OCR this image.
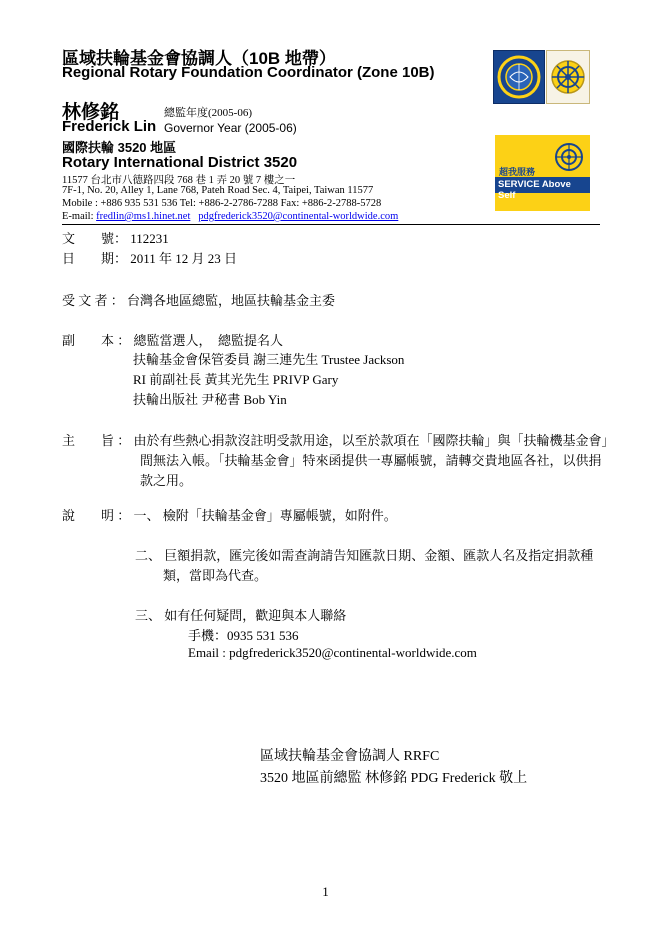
區域扶輪基金會協調人（10B 地帶）
Regional Rotary Foundation Coordinator (Zone 10B)
林修銘	總監年度(2005-06)
Frederick Lin Governor Year (2005-06)
國際扶輪 3520 地區
Rotary International District 3520
11577 台北市八德路四段 768 巷 1 弄 20 號 7 樓之一
7F-1, No. 20, Alley 1, Lane 768, Pateh Road Sec. 4, Taipei, Taiwan 11577
Mobile : +886 935 531 536 Tel: +886-2-2786-7288 Fax: +886-2-2788-5728
E-mail: fredlin@ms1.hinet.net pdgfrederick3520@continental-worldwide.com
超我服務
SERVICE Above Self
文　　號： 112231
日　　期： 2011 年 12 月 23 日
受 文 者 ： 台灣各地區總監，地區扶輪基金主委
副　　本 ： 總監當選人，　總監提名人
扶輪基金會保管委員 謝三連先生 Trustee Jackson
RI 前副社長 黃其光先生 PRIVP Gary
扶輪出版社 尹秘書 Bob Yin
主　　旨 ： 由於有些熱心捐款沒註明受款用途，以至於款項在「國際扶輪」與「扶輪機基金會」
間無法入帳。「扶輪基金會」特來函提供一專屬帳號，請轉交貴地區各社，以供捐
款之用。
說　　明 ： 一、 檢附「扶輪基金會」專屬帳號，如附件。
二、 巨額捐款，匯完後如需查詢請告知匯款日期、金額、匯款人名及指定捐款種
類，當即為代查。
三、 如有任何疑問，歡迎與本人聯絡
手機：0935 531 536
Email : pdgfrederick3520@continental-worldwide.com
區域扶輪基金會協調人 RRFC
3520 地區前總監 林修銘 PDG Frederick 敬上
1
